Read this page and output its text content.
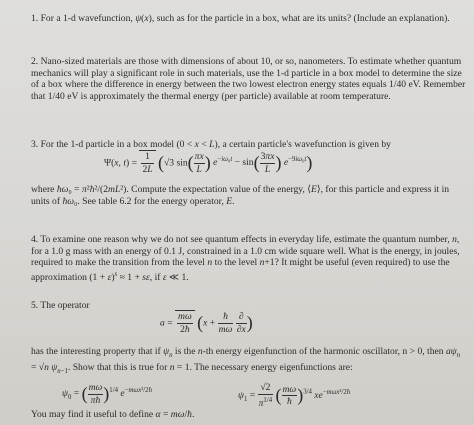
1. For a 1-d wavefunction, ψ(x), such as for the particle in a box, what are its units? (Include an explanation).

2. Nano-sized materials are those with dimensions of about 10, or so, nanometers. To estimate whether quantum mechanics will play a significant role in such materials, use the 1-d particle in a box model to determine the size of a box where the difference in energy between the two lowest electron energy states equals 1/40 eV. Remember that 1/40 eV is approximately the thermal energy (per particle) available at room temperature.

3. For the 1-d particle in a box model (0 < x < L), a certain particle's wavefunction is given by

Ψ(x, $t) = \frac{1}{2L} (√3$ $\sin( \frac{\pi x}{L}$ ) $e^{-i\omega_0t} - \sin( \frac{3\pi x}{L}$ ) $e^{-9i\omega_0t}$)

where ħω₀ = π²ħ²/(2mL²). Compute the expectation value of the energy, ⟨E⟩, for this particle and express it in units of ħω₀. See table 6.2 for the energy operator, E.

4. To examine one reason why we do not see quantum effects in everyday life, estimate the quantum number, n, for a 1.0 g mass with an energy of 0.1 J, constrained in a 1.0 cm wide square well. What is the energy, in joules, required to make the transition from the level n to the level n+1? It might be useful (even required) to use the approximation $(1 + \varepsilon)^s \approx 1 + s\varepsilon$, if ε ≪ 1.

5. The operator

$a = \frac{m\omega}{2ħ} (x + \frac{ħ}{m\omega}$
$\frac{\partial}{\partial x}$ )

has the interesting property that if $\psi_n$ is the n-th energy eigenfunction of the harmonic oscillator, n > 0, then $a\psi_n = √n$ $\psi_{n-1}$. Show that this is true for n = 1. The necessary energy eigenfunctions are:

$\psi_0$ = ( $\frac{m\omega}{\pi ħ} )^{1/4}$ $e^{-m\omega x^2/2ħ}$	$\psi_1 = \frac{√2}{\pi^{1/4}}$ ( $\frac{m\omega}{ħ} )^{3/4}$ $xe^{-m\omega x^2/2ħ}$

You may find it useful to define α = mω/ħ.
